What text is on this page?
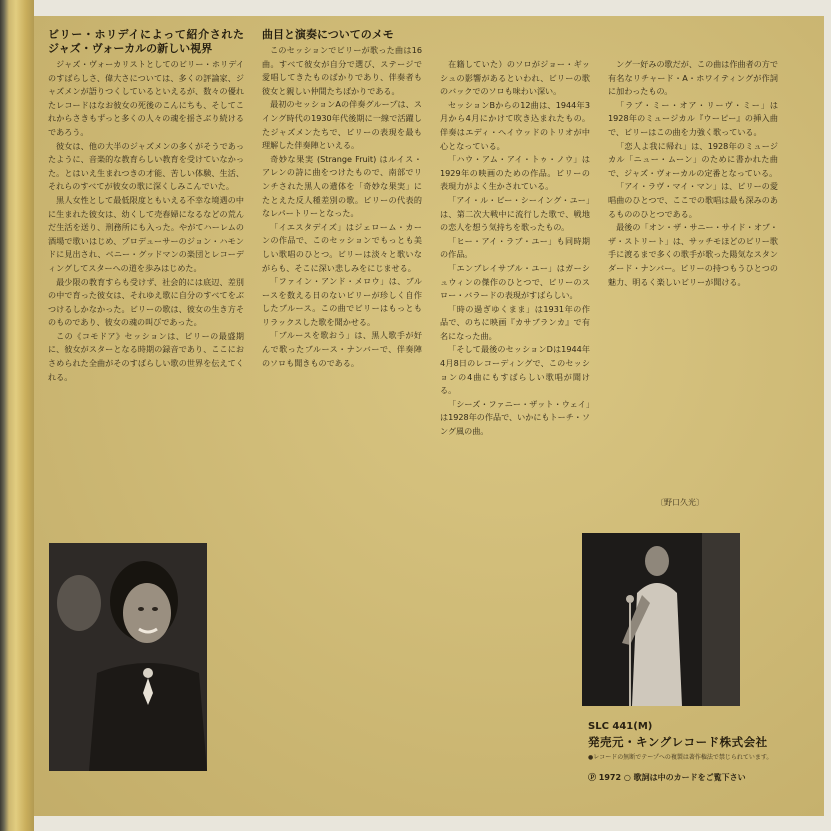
ビリー・ホリデイによって紹介されたジャズ・ヴォーカルの新しい視界

ジャズ・ヴォーカリストとしてのビリー・ホリデイのすばらしさ、偉大さについては、多くの評論家、ジャズメンが語りつくしているといえるが、数々の優れたレコードはなお彼女の死後のこんにちも、そしてこれからさきもずっと多くの人々の魂を揺さぶり続けるであろう。

彼女は、他の大半のジャズメンの多くがそうであったように、音楽的な教育らしい教育を受けていなかった。とはいえ生まれつきの才能、苦しい体験、生活、それらのすべてが彼女の歌に深くしみこんでいた。

黒人女性として最低限度ともいえる不幸な境遇の中に生まれた彼女は、幼くして売春婦になるなどの荒んだ生活を送り、刑務所にも入った。やがてハーレムの酒場で歌いはじめ、プロデューサーのジョン・ハモンドに見出され、ベニー・グッドマンの楽団とレコーディングしてスターへの道を歩みはじめた。

最少限の教育すらも受けず、社会的には底辺、差別の中で育った彼女は、それゆえ歌に自分のすべてをぶつけるしかなかった。ビリーの歌は、彼女の生き方そのものであり、彼女の魂の叫びであった。

この《コモドア》セッションは、ビリーの最盛期に、彼女がスターとなる時期の録音であり、ここにおさめられた全曲がそのすばらしい歌の世界を伝えてくれる。

曲目と演奏についてのメモ

このセッションでビリーが歌った曲は16曲。すべて彼女が自分で選び、ステージで愛唱してきたものばかりであり、伴奏者も彼女と親しい仲間たちばかりである。

最初のセッションAの伴奏グループは、スイング時代の1930年代後期に一線で活躍したジャズメンたちで、ビリーの表現を最も理解した伴奏陣といえる。

奇妙な果実 (Strange Fruit) はルイス・アレンの詩に曲をつけたもので、南部でリンチされた黒人の遺体を「奇妙な果実」にたとえた反人種差別の歌。ビリーの代表的なレパートリーとなった。

「イエスタデイズ」はジェローム・カーンの作品で、このセッションでもっとも美しい歌唱のひとつ。ビリーは淡々と歌いながらも、そこに深い悲しみをにじませる。

「ファイン・アンド・メロウ」は、ブルースを数える日のないビリーが珍しく自作したブルース。この曲でビリーはもっともリラックスした歌を聞かせる。

「ブルースを歌おう」は、黒人歌手が好んで歌ったブルース・ナンバーで、伴奏陣のソロも聞きものである。

在籍していた）のソロがジョー・ギッシュの影響があるといわれ、ビリーの歌のバックでのソロも味わい深い。

セッションBからの12曲は、1944年3月から4月にかけて吹き込まれたもの。伴奏はエディ・ヘイウッドのトリオが中心となっている。

「ハウ・アム・アイ・トゥ・ノウ」は1929年の映画のための作品。ビリーの表現力がよく生かされている。

「アイ・ル・ビー・シーイング・ユー」は、第二次大戦中に流行した歌で、戦地の恋人を想う気持ちを歌ったもの。

「ヒー・アイ・ラブ・ユー」も同時期の作品。

「エンブレイサブル・ユー」はガーシュウィンの傑作のひとつで、ビリーのスロー・バラードの表現がすばらしい。

「時の過ぎゆくまま」は1931年の作品で、のちに映画『カサブランカ』で有名になった曲。

「そして最後のセッションDは1944年4月8日のレコーディングで、このセッションの4曲にもすばらしい歌唱が聞ける。

「シーズ・ファニー・ザット・ウェイ」は1928年の作品で、いかにもトーチ・ソング風の曲。

ング一好みの歌だが、この曲は作曲者の方で有名なリチャード・A・ホワイティングが作詞に加わったもの。

「ラブ・ミー・オア・リーヴ・ミー」は1928年のミュージカル『ウーピー』の挿入曲で、ビリーはこの曲を力強く歌っている。

「恋人よ我に帰れ」は、1928年のミュージカル「ニュー・ムーン」のために書かれた曲で、ジャズ・ヴォーカルの定番となっている。

「アイ・ラヴ・マイ・マン」は、ビリーの愛唱曲のひとつで、ここでの歌唱は最も深みのあるもののひとつである。

最後の「オン・ザ・サニー・サイド・オブ・ザ・ストリート」は、サッチモほどのビリー歌手に渡るまで多くの歌手が歌った陽気なスタンダード・ナンバー。ビリーの持つもうひとつの魅力、明るく楽しいビリーが聞ける。

〔野口久光〕
SLC 441(M)
発売元・キングレコード株式会社
●レコードの無断でテープへの複製は著作権法で禁じられています。
Ⓟ 1972 ○ 歌詞は中のカードをご覧下さい
